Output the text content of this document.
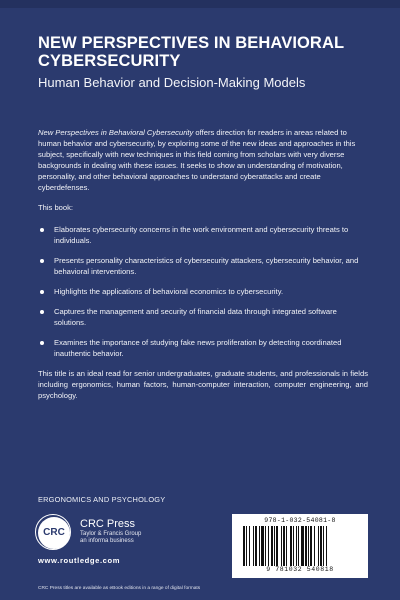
NEW PERSPECTIVES IN BEHAVIORAL CYBERSECURITY
Human Behavior and Decision-Making Models

New Perspectives in Behavioral Cybersecurity offers direction for readers in areas related to human behavior and cybersecurity, by exploring some of the new ideas and approaches in this subject, specifically with new techniques in this field coming from scholars with very diverse backgrounds in dealing with these issues. It seeks to show an understanding of motivation, personality, and other behavioral approaches to understand cyberattacks and create cyberdefenses.

This book:

Elaborates cybersecurity concerns in the work environment and cybersecurity threats to individuals.
Presents personality characteristics of cybersecurity attackers, cybersecurity behavior, and behavioral interventions.
Highlights the applications of behavioral economics to cybersecurity.
Captures the management and security of financial data through integrated software solutions.
Examines the importance of studying fake news proliferation by detecting coordinated inauthentic behavior.

This title is an ideal read for senior undergraduates, graduate students, and professionals in fields including ergonomics, human factors, human-computer interaction, computer engineering, and psychology.

ERGONOMICS AND PSYCHOLOGY
CRC
CRC Press
Taylor & Francis Group
an informa business
www.routledge.com
978-1-032-54081-8
9 781032 540818
CRC Press titles are available as eBook editions in a range of digital formats
